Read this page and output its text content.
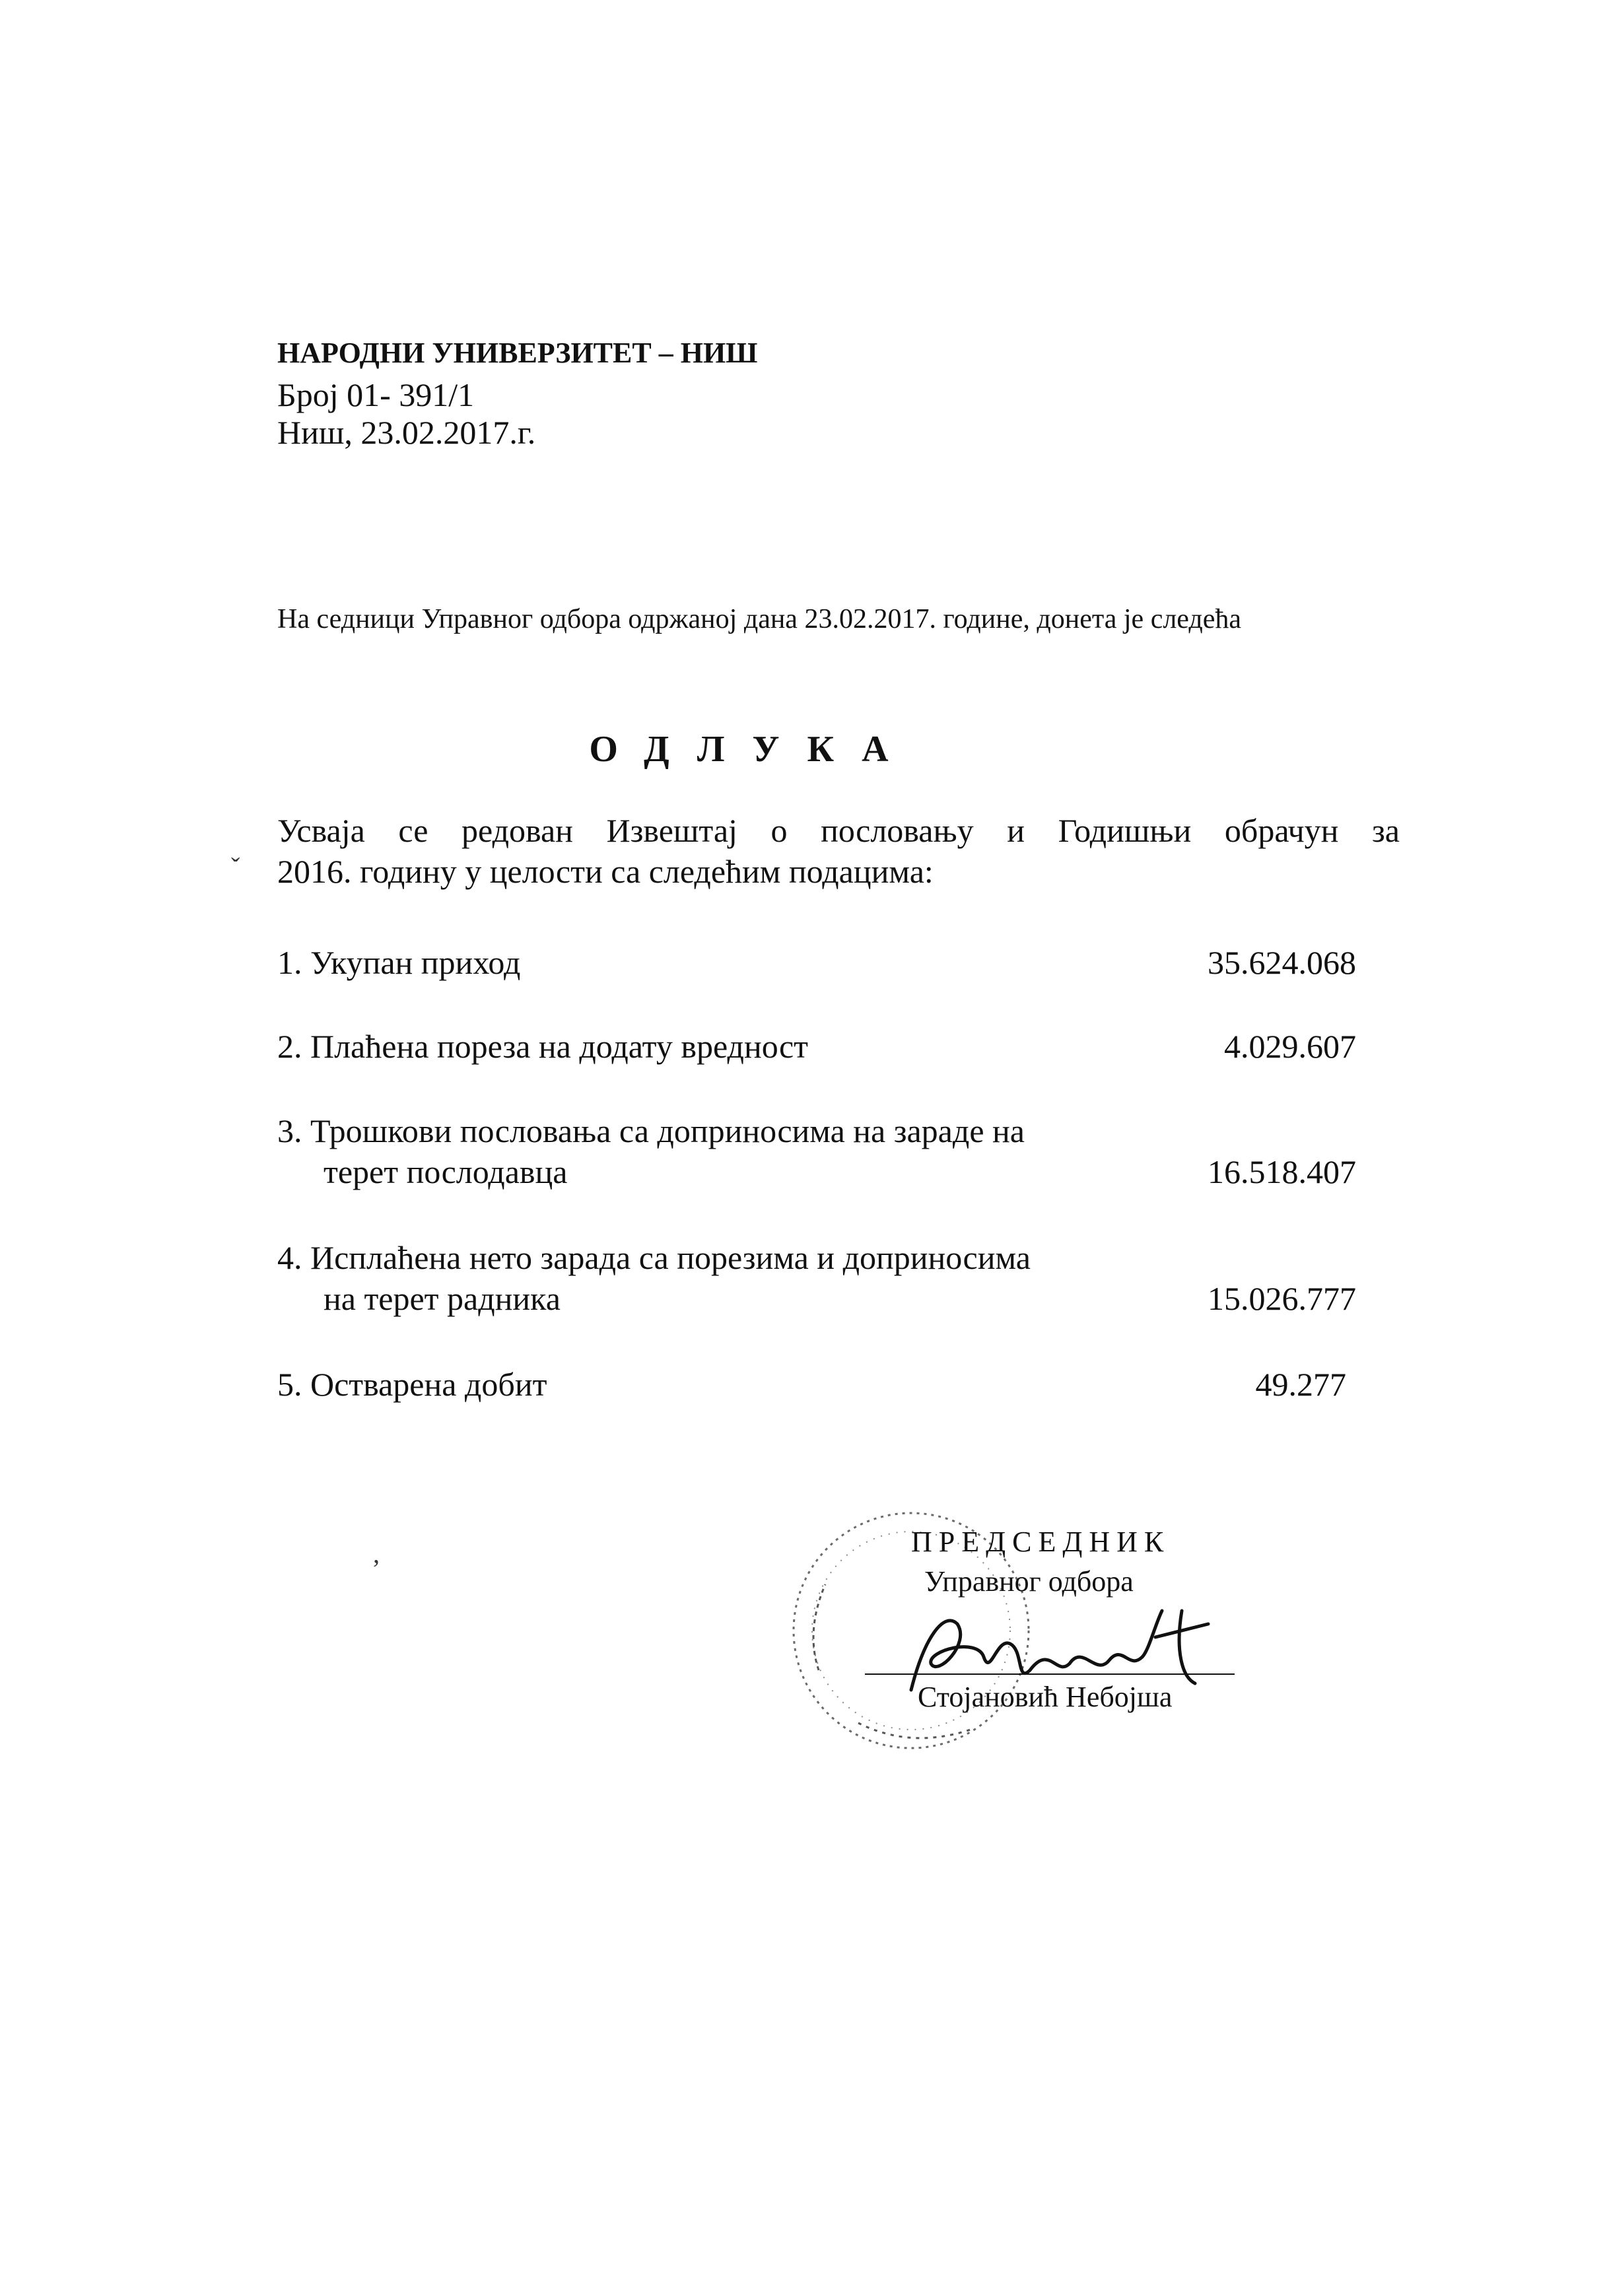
НАРОДНИ УНИВЕРЗИТЕТ – НИШ
Број 01- 391/1
Ниш, 23.02.2017.г.
На седници Управног одбора одржаној дана 23.02.2017. године, донета је следећа
ОДЛУКА
Усваја се редован Извештај о пословању и Годишњи обрачун за
2016. годину у целости са следећим подацима:
1. Укупан приход	35.624.068
2. Плаћена пореза на додату вредност	4.029.607
3. Трошкови пословања са доприносима на зараде на
терет послодавца	16.518.407
4. Исплаћена нето зарада са порезима и доприносима
на терет радника	15.026.777
5. Остварена добит	49.277
ˇ
,	ПРЕДСЕДНИК
Управног одбора
Стојановић Небојша
